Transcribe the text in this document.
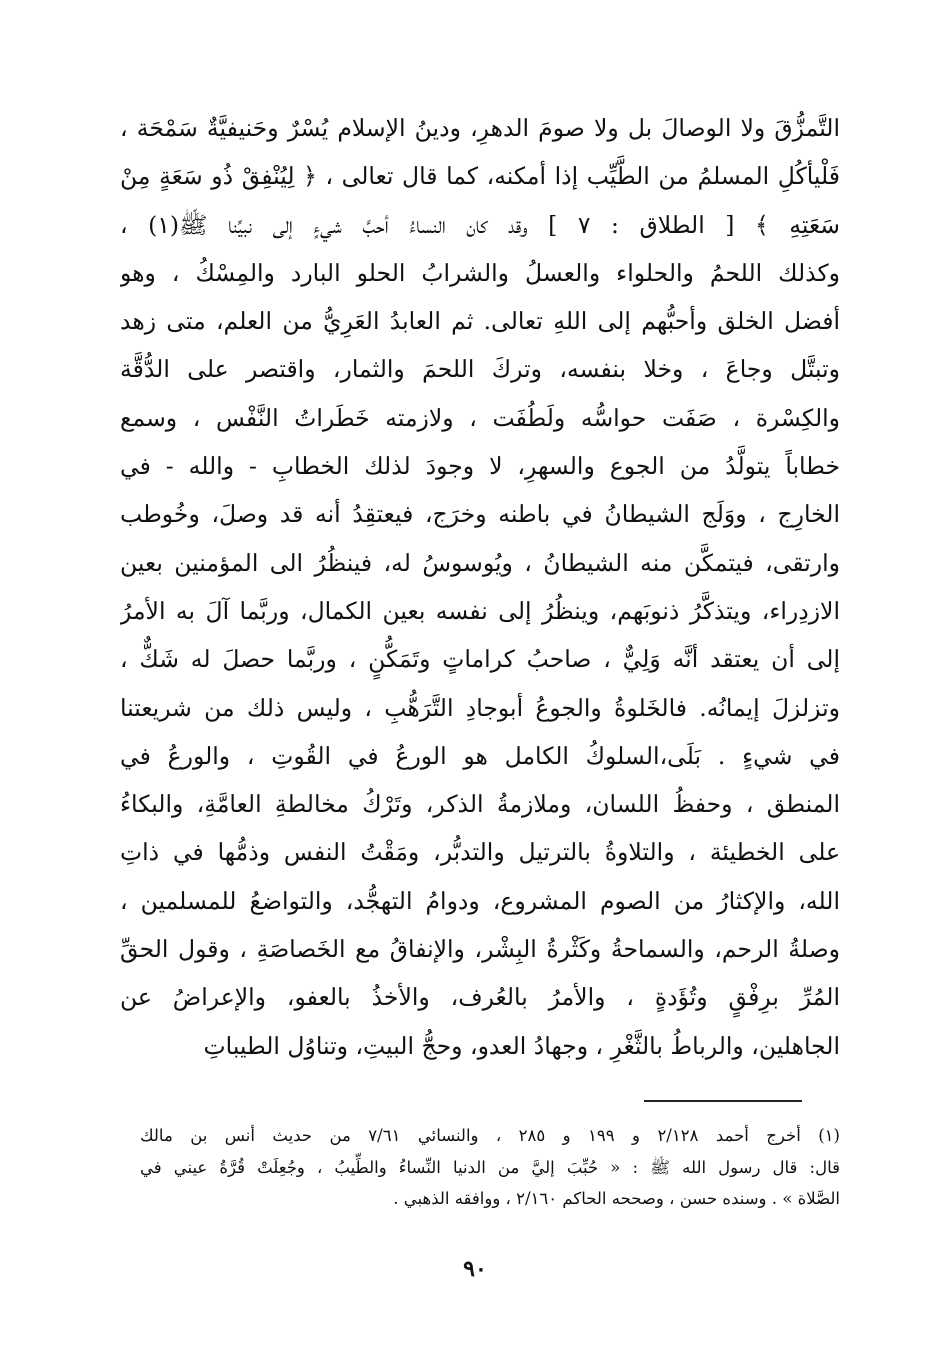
التَّمزُّقَ ولا الوصالَ بل ولا صومَ الدهرِ، ودينُ الإسلام يُسْرٌ وحَنيفيَّةٌ سَمْحَة ،
فَلْيأكُلِ المسلمُ من الطَّيِّب إذا أمكنه، كما قال تعالى ، ﴿ لِيُنْفِقْ ذُو سَعَةٍ مِنْ
سَعَتِهِ ﴾ [ الطلاق : ٧ ] وقد كان النساءُ أحبَّ شيءٍ إلى نبيِّنا ﷺ(١) ،
وكذلك اللحمُ والحلواء والعسلُ والشرابُ الحلو البارد والمِسْكُ ، وهو
أفضل الخلق وأحبُّهم إلى اللهِ تعالى. ثم العابدُ العَرِيُّ من العلم، متى زهد
وتبتَّل وجاعَ ، وخلا بنفسه، وتركَ اللحمَ والثمار، واقتصر على الدُّقَّة
والكِسْرة ، صَفَت حواسُّه ولَطُفَت ، ولازمته خَطَراتُ النَّفْس ، وسمع
خطاباً يتولَّدُ من الجوع والسهرِ، لا وجودَ لذلك الخطابِ - والله - في
الخارِج ، ووَلَج الشيطانُ في باطنه وخرَج، فيعتقِدُ أنه قد وصلَ، وخُوطب
وارتقى، فيتمكَّن منه الشيطانُ ، ويُوسوسُ له، فينظُرُ الى المؤمنين بعين
الازدِراء، ويتذكَّرُ ذنوبَهم، وينظُرُ إلى نفسه بعين الكمال، وربَّما آلَ به الأمرُ
إلى أن يعتقد أنَّه وَلِيٌّ ، صاحبُ كراماتٍ وتَمَكُّنٍ ، وربَّما حصلَ له شَكٌّ ،
وتزلزلَ إيمانُه. فالخَلوةُ والجوعُ أبوجادِ التَّرَهُّبِ ، وليس ذلك من شريعتنا
في شيءٍ . بَلَى،السلوكُ الكامل هو الورعُ في القُوتِ ، والورعُ في
المنطق ، وحفظُ اللسان، وملازمةُ الذكر، وتَرْكُ مخالطةِ العامَّةِ، والبكاءُ
على الخطيئة ، والتلاوةُ بالترتيل والتدبُّر، ومَقْتُ النفس وذمُّها في ذاتِ
الله، والإكثارُ من الصوم المشروع، ودوامُ التهجُّد، والتواضعُ للمسلمين ،
وصلةُ الرحم، والسماحةُ وكَثْرةُ البِشْر، والإنفاقُ مع الخَصاصَةِ ، وقول الحقِّ
المُرِّ برِفْقٍ وتُؤَدةٍ ، والأمرُ بالعُرف، والأخذُ بالعفو، والإعراضُ عن
الجاهلين، والرباطُ بالثَّغْرِ ، وجهادُ العدو، وحجُّ البيتِ، وتناوُل الطيباتِ
(١) أخرج أحمد ٢/١٢٨ و ١٩٩ و ٢٨٥ ، والنسائي ٧/٦١ من حديث أنس بن مالك
قال: قال رسول الله ﷺ : « حُبِّبَ إليَّ من الدنيا النِّساءُ والطِّيبُ ، وجُعِلَتْ قُرَّةُ عيني في
الصَّلاة » . وسنده حسن ، وصححه الحاكم ٢/١٦٠ ، ووافقه الذهبي .
٩٠
